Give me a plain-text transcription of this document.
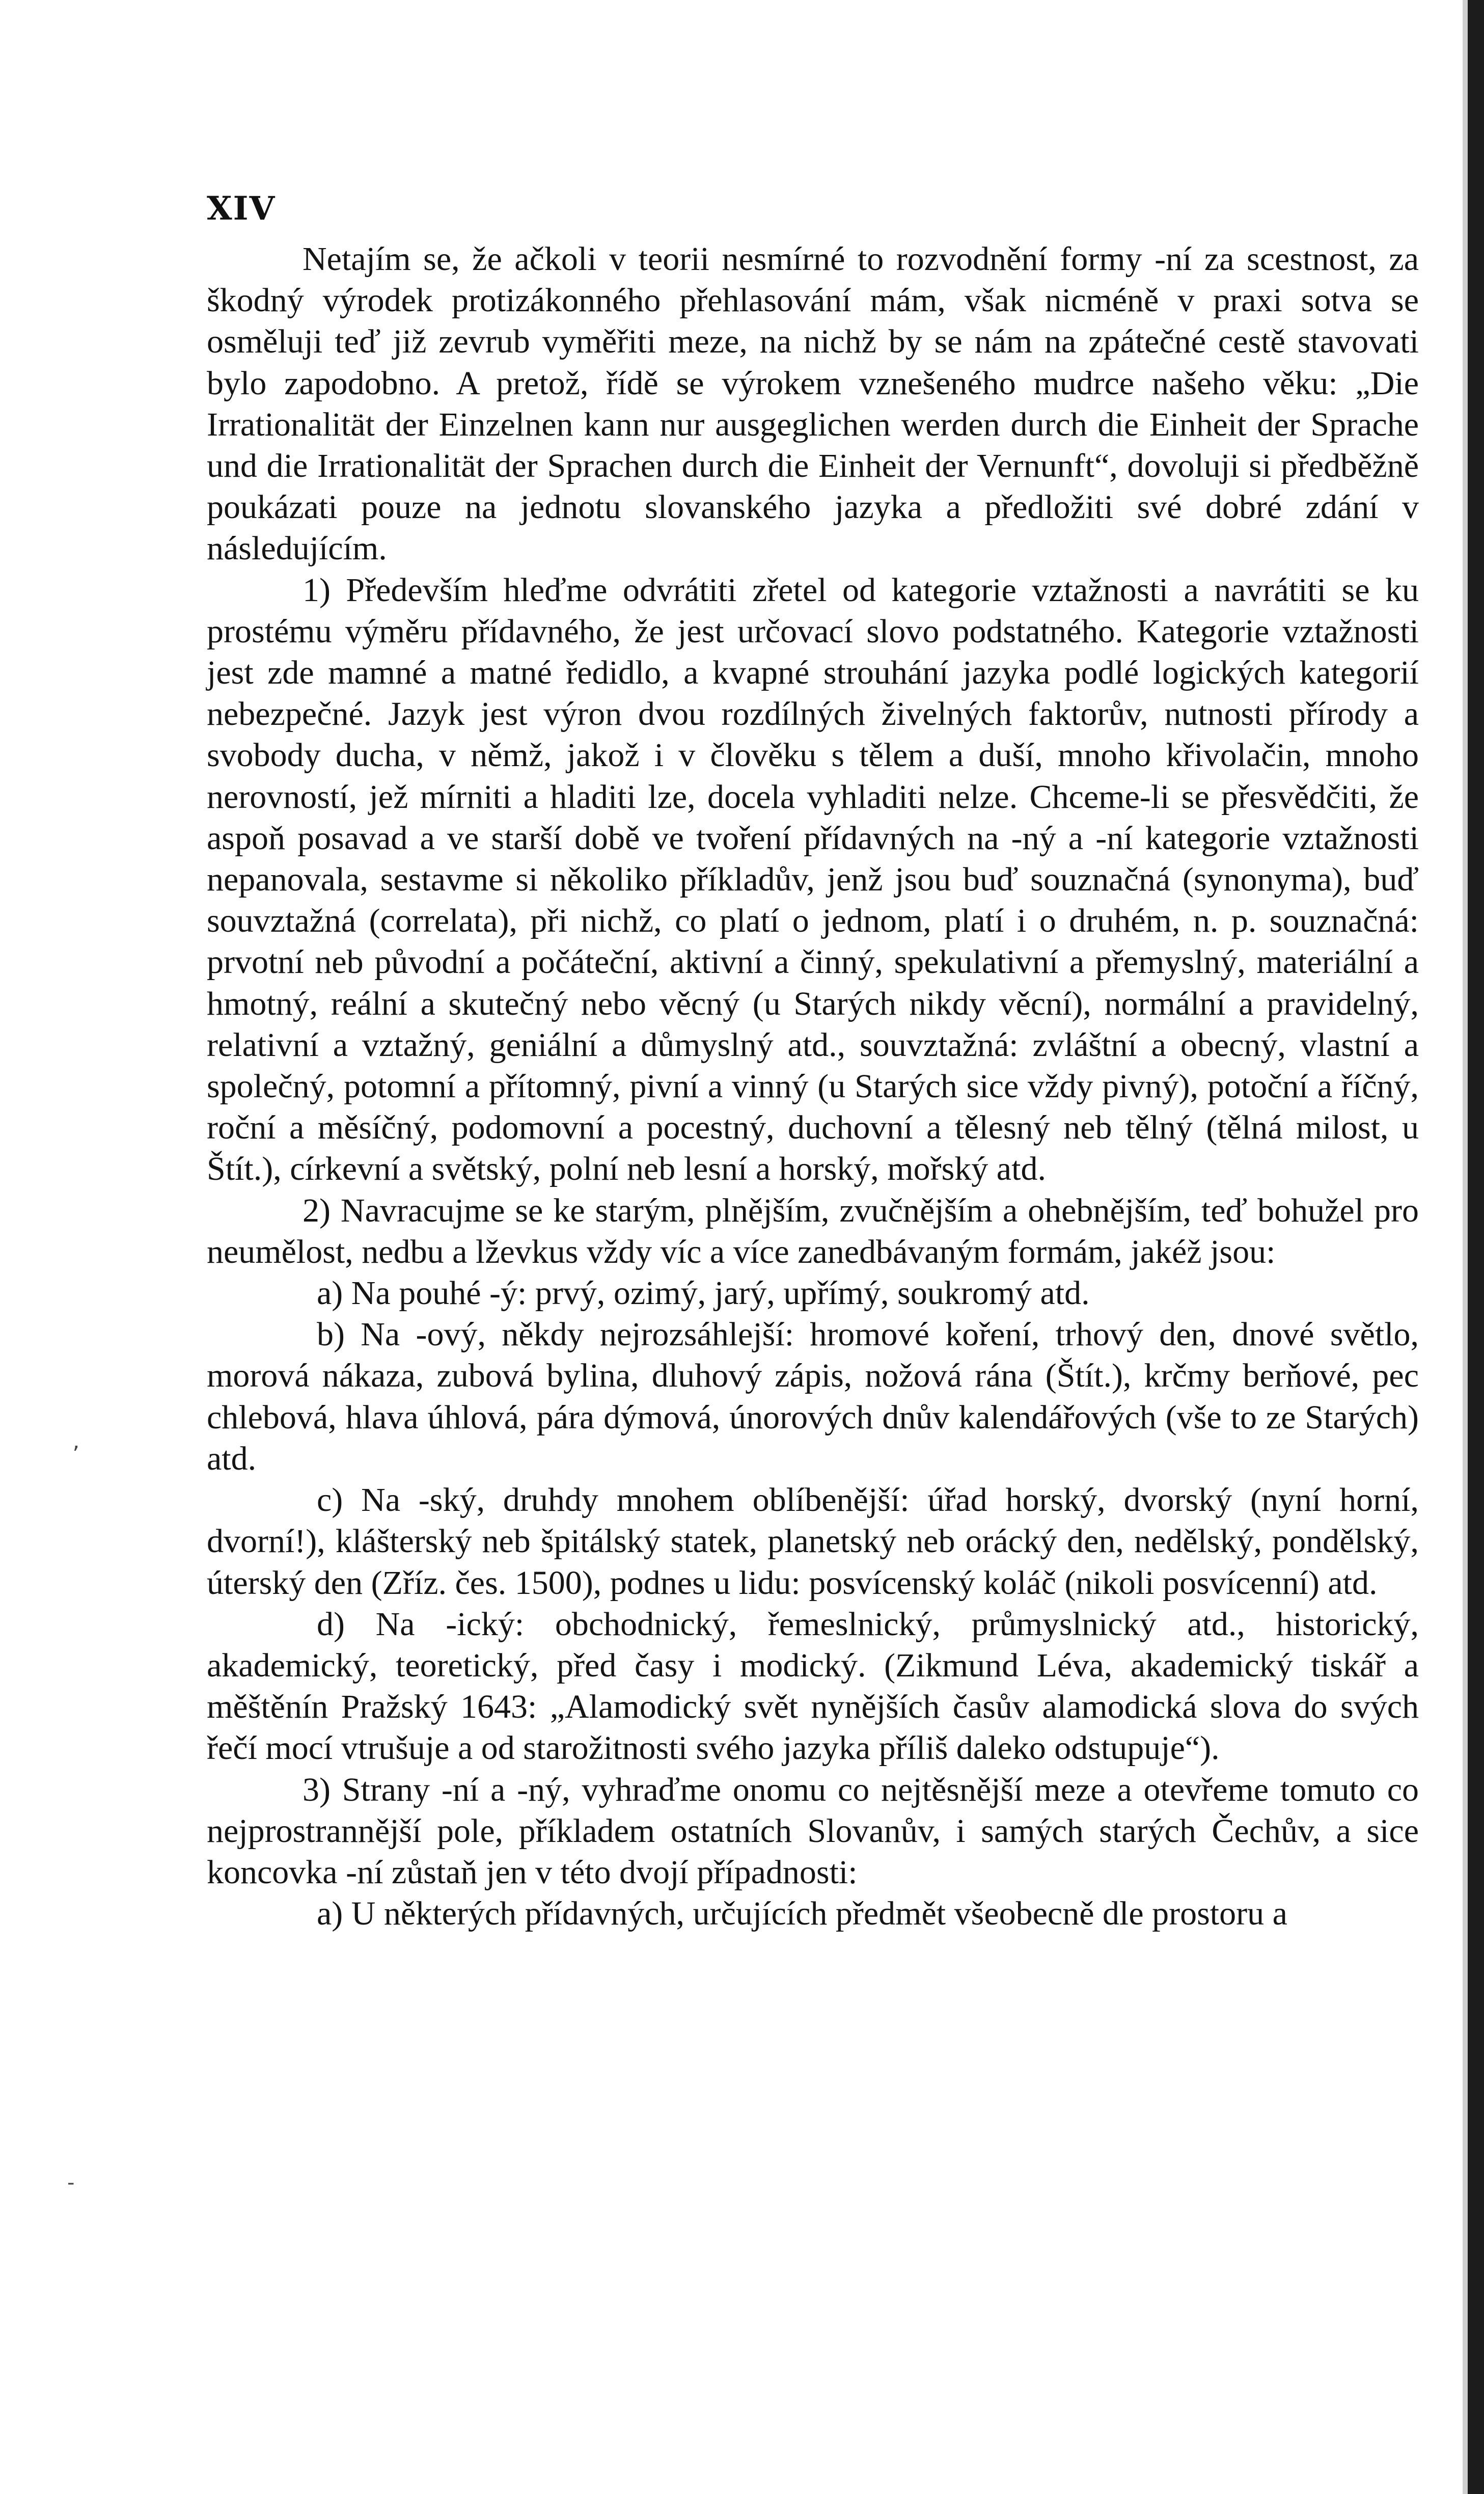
XIV

Netajím se, že ačkoli v teorii nesmírné to rozvodnění formy -ní za scestnost, za škodný výrodek protizákonného přehlasování mám, však nicméně v praxi sotva se osměluji teď již zevrub vyměřiti meze, na nichž by se nám na zpátečné cestě stavovati bylo zapodobno. A pretož, řídě se výrokem vznešeného mudrce našeho věku: „Die Irrationalität der Einzelnen kann nur ausgeglichen werden durch die Einheit der Sprache und die Irrationalität der Sprachen durch die Einheit der Vernunft“, dovoluji si předběžně poukázati pouze na jednotu slovanského jazyka a předložiti své dobré zdání v následujícím.

1) Především hleďme odvrátiti zřetel od kategorie vztažnosti a navrátiti se ku prostému výměru přídavného, že jest určovací slovo podstatného. Kategorie vztažnosti jest zde mamné a matné ředidlo, a kvapné strouhání jazyka podlé logických kategorií nebezpečné. Jazyk jest výron dvou rozdílných živelných faktorův, nutnosti přírody a svobody ducha, v němž, jakož i v člověku s tělem a duší, mnoho křivolačin, mnoho nerovností, jež mírniti a hladiti lze, docela vyhladiti nelze. Chceme-li se přesvědčiti, že aspoň posavad a ve starší době ve tvoření přídavných na -ný a -ní kategorie vztažnosti nepanovala, sestavme si několiko příkladův, jenž jsou buď souznačná (synonyma), buď souvztažná (correlata), při nichž, co platí o jednom, platí i o druhém, n. p. souznačná: prvotní neb původní a počáteční, aktivní a činný, spekulativní a přemyslný, materiální a hmotný, reální a skutečný nebo věcný (u Starých nikdy věcní), normální a pravidelný, relativní a vztažný, geniální a důmyslný atd., souvztažná: zvláštní a obecný, vlastní a společný, potomní a přítomný, pivní a vinný (u Starých sice vždy pivný), potoční a říčný, roční a měsíčný, podomovní a pocestný, duchovní a tělesný neb tělný (tělná milost, u Štít.), církevní a světský, polní neb lesní a horský, mořský atd.

2) Navracujme se ke starým, plnějším, zvučnějším a ohebnějším, teď bohužel pro neumělost, nedbu a lževkus vždy víc a více zanedbávaným formám, jakéž jsou:

a) Na pouhé -ý: prvý, ozimý, jarý, upřímý, soukromý atd.

b) Na -ový, někdy nejrozsáhlejší: hromové koření, trhový den, dnové světlo, morová nákaza, zubová bylina, dluhový zápis, nožová rána (Štít.), krčmy berňové, pec chlebová, hlava úhlová, pára dýmová, únorových dnův kalendářových (vše to ze Starých) atd.

c) Na -ský, druhdy mnohem oblíbenější: úřad horský, dvorský (nyní horní, dvorní!), klášterský neb špitálský statek, planetský neb orácký den, nedělský, pondělský, úterský den (Zříz. čes. 1500), podnes u lidu: posvícenský koláč (nikoli posvícenní) atd.

d) Na -ický: obchodnický, řemeslnický, průmyslnický atd., historický, akademický, teoretický, před časy i modický. (Zikmund Léva, akademický tiskář a měštěnín Pražský 1643: „Alamodický svět nynějších časův alamodická slova do svých řečí mocí vtrušuje a od starožitnosti svého jazyka příliš daleko odstupuje“).

3) Strany -ní a -ný, vyhraďme onomu co nejtěsnější meze a otevřeme tomuto co nejprostrannější pole, příkladem ostatních Slovanův, i samých starých Čechův, a sice koncovka -ní zůstaň jen v této dvojí případnosti:

a) U některých přídavných, určujících předmět všeobecně dle prostoru a

ʼ
-
